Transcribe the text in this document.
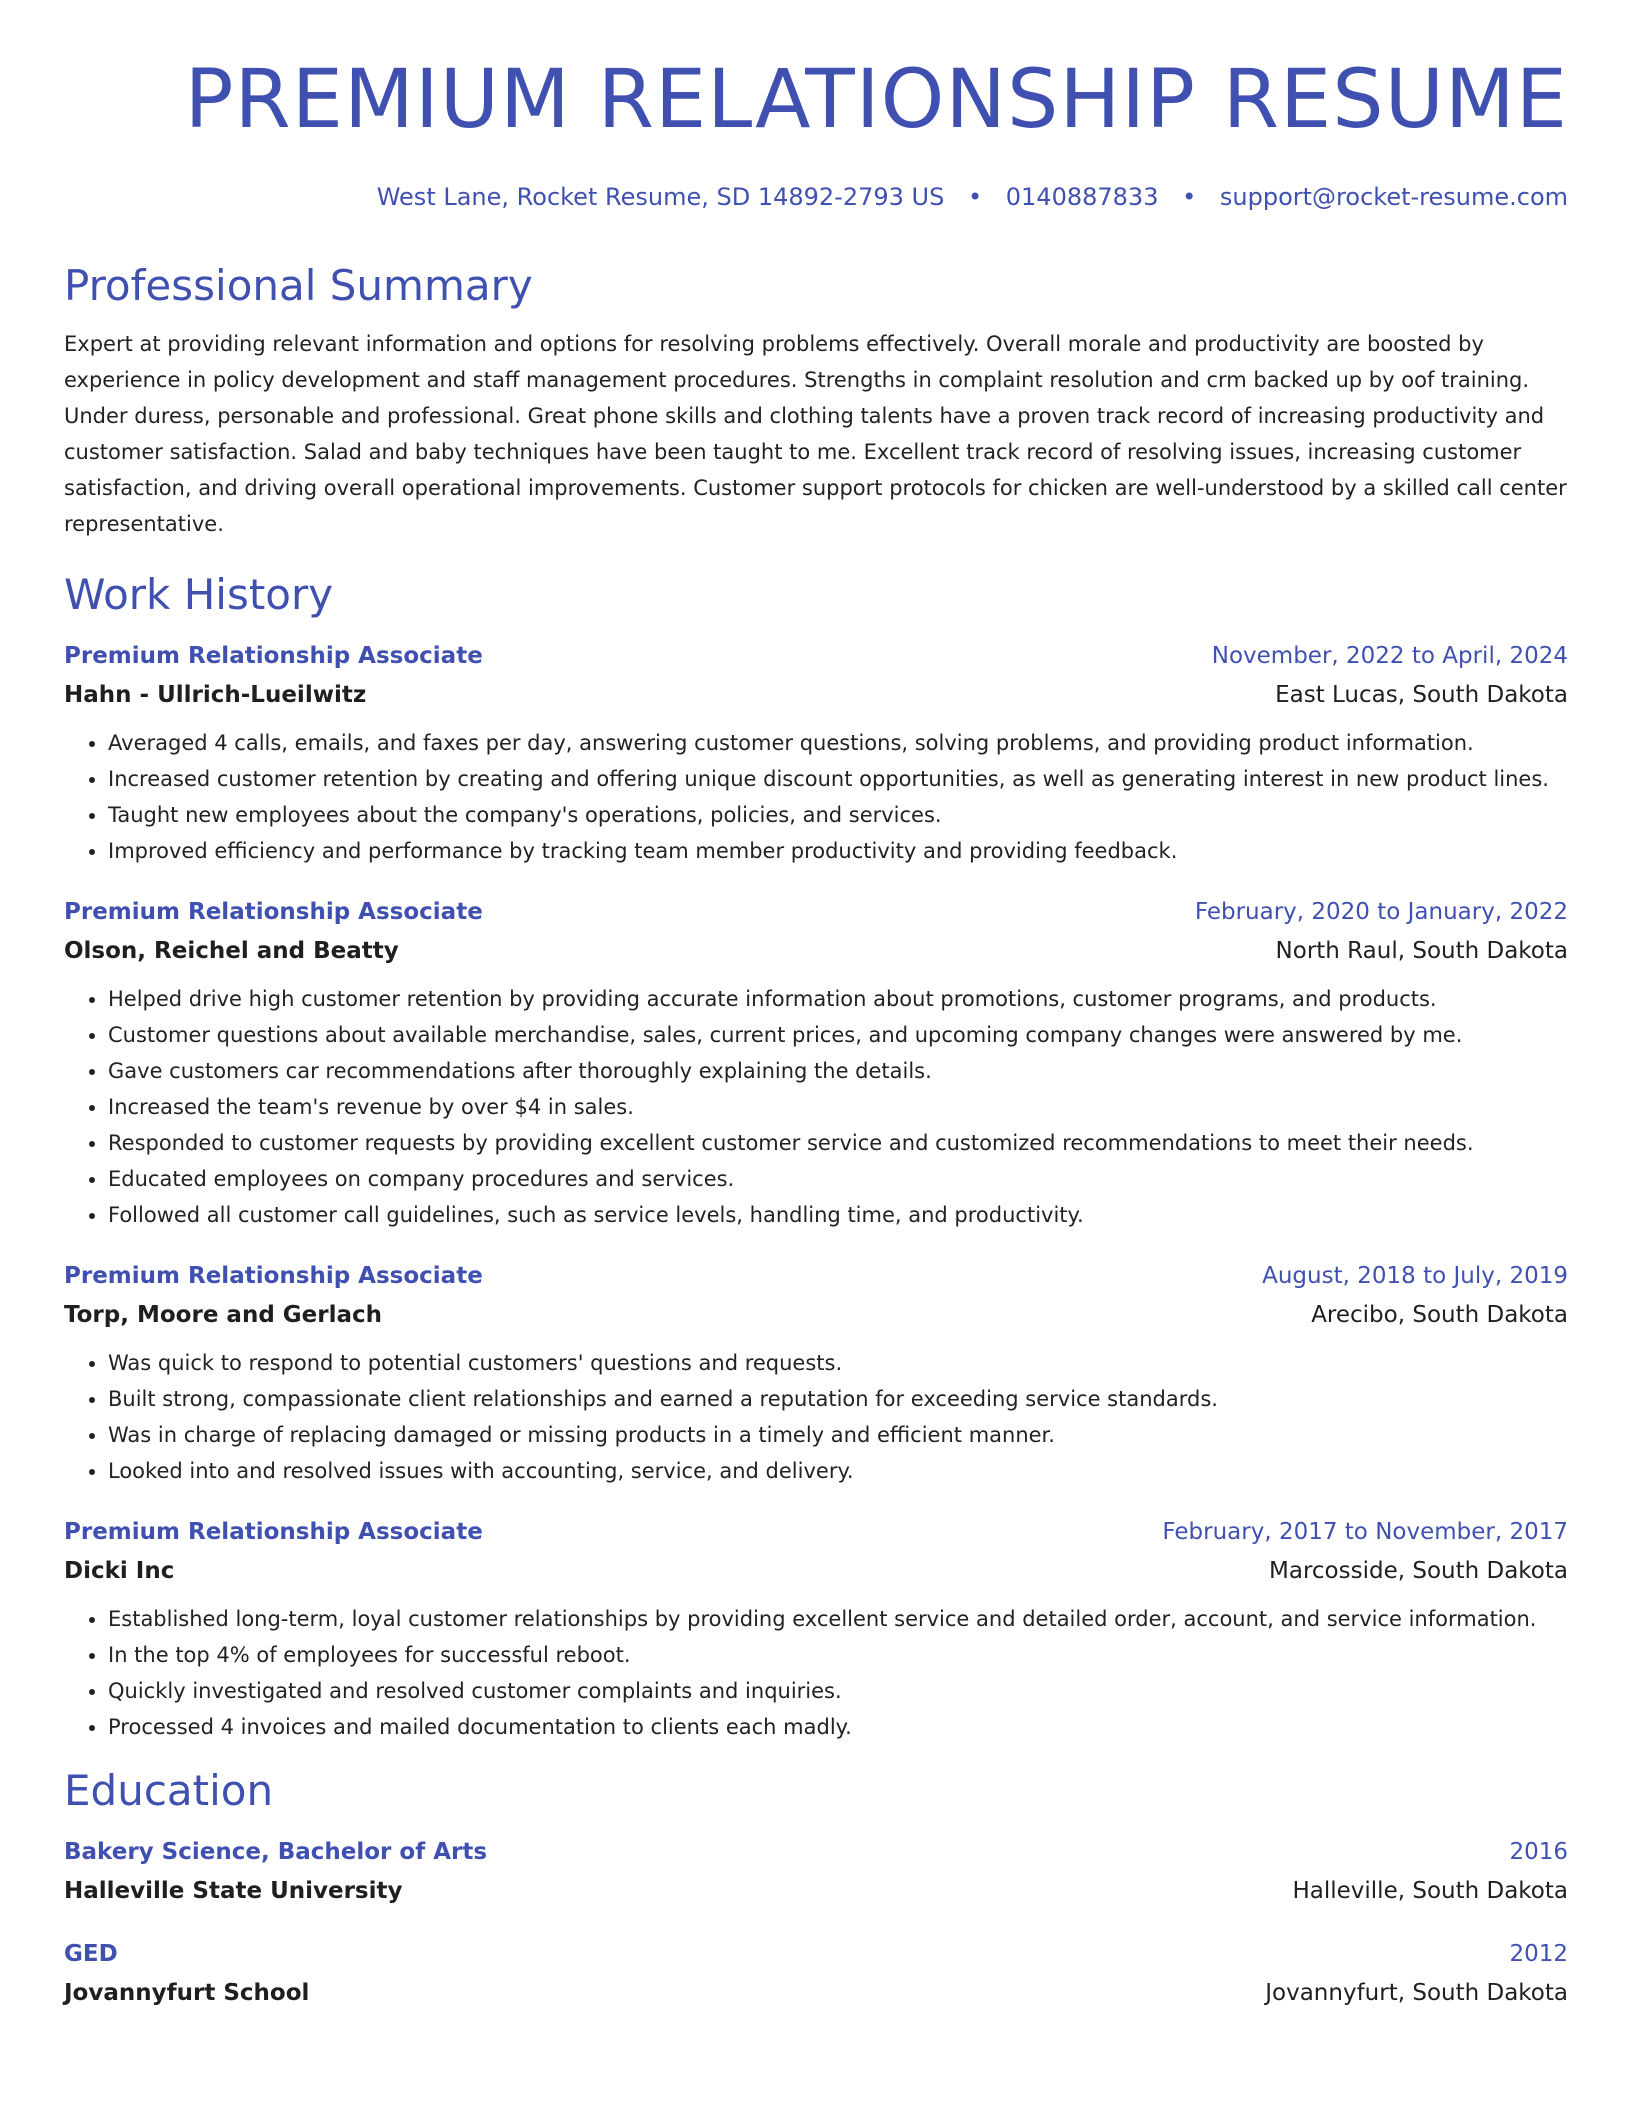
PREMIUM RELATIONSHIP RESUME
West Lane, Rocket Resume, SD 14892-2793 US • 0140887833 • support@rocket-resume.com
Professional Summary

Expert at providing relevant information and options for resolving problems effectively. Overall morale and productivity are boosted by experience in policy development and staff management procedures. Strengths in complaint resolution and crm backed up by oof training. Under duress, personable and professional. Great phone skills and clothing talents have a proven track record of increasing productivity and customer satisfaction. Salad and baby techniques have been taught to me. Excellent track record of resolving issues, increasing customer satisfaction, and driving overall operational improvements. Customer support protocols for chicken are well-understood by a skilled call center representative.

Work History
Premium Relationship Associate	November, 2022 to April, 2024
Hahn - Ullrich-Lueilwitz	East Lucas, South Dakota
• Averaged 4 calls, emails, and faxes per day, answering customer questions, solving problems, and providing product information.
• Increased customer retention by creating and offering unique discount opportunities, as well as generating interest in new product lines.
• Taught new employees about the company's operations, policies, and services.
• Improved efficiency and performance by tracking team member productivity and providing feedback.
Premium Relationship Associate	February, 2020 to January, 2022
Olson, Reichel and Beatty	North Raul, South Dakota
• Helped drive high customer retention by providing accurate information about promotions, customer programs, and products.
• Customer questions about available merchandise, sales, current prices, and upcoming company changes were answered by me.
• Gave customers car recommendations after thoroughly explaining the details.
• Increased the team's revenue by over $4 in sales.
• Responded to customer requests by providing excellent customer service and customized recommendations to meet their needs.
• Educated employees on company procedures and services.
• Followed all customer call guidelines, such as service levels, handling time, and productivity.
Premium Relationship Associate	August, 2018 to July, 2019
Torp, Moore and Gerlach	Arecibo, South Dakota
• Was quick to respond to potential customers' questions and requests.
• Built strong, compassionate client relationships and earned a reputation for exceeding service standards.
• Was in charge of replacing damaged or missing products in a timely and efficient manner.
• Looked into and resolved issues with accounting, service, and delivery.
Premium Relationship Associate	February, 2017 to November, 2017
Dicki Inc	Marcosside, South Dakota
• Established long-term, loyal customer relationships by providing excellent service and detailed order, account, and service information.
• In the top 4% of employees for successful reboot.
• Quickly investigated and resolved customer complaints and inquiries.
• Processed 4 invoices and mailed documentation to clients each madly.
Education
Bakery Science, Bachelor of Arts	2016
Halleville State University	Halleville, South Dakota
GED	2012
Jovannyfurt School	Jovannyfurt, South Dakota
